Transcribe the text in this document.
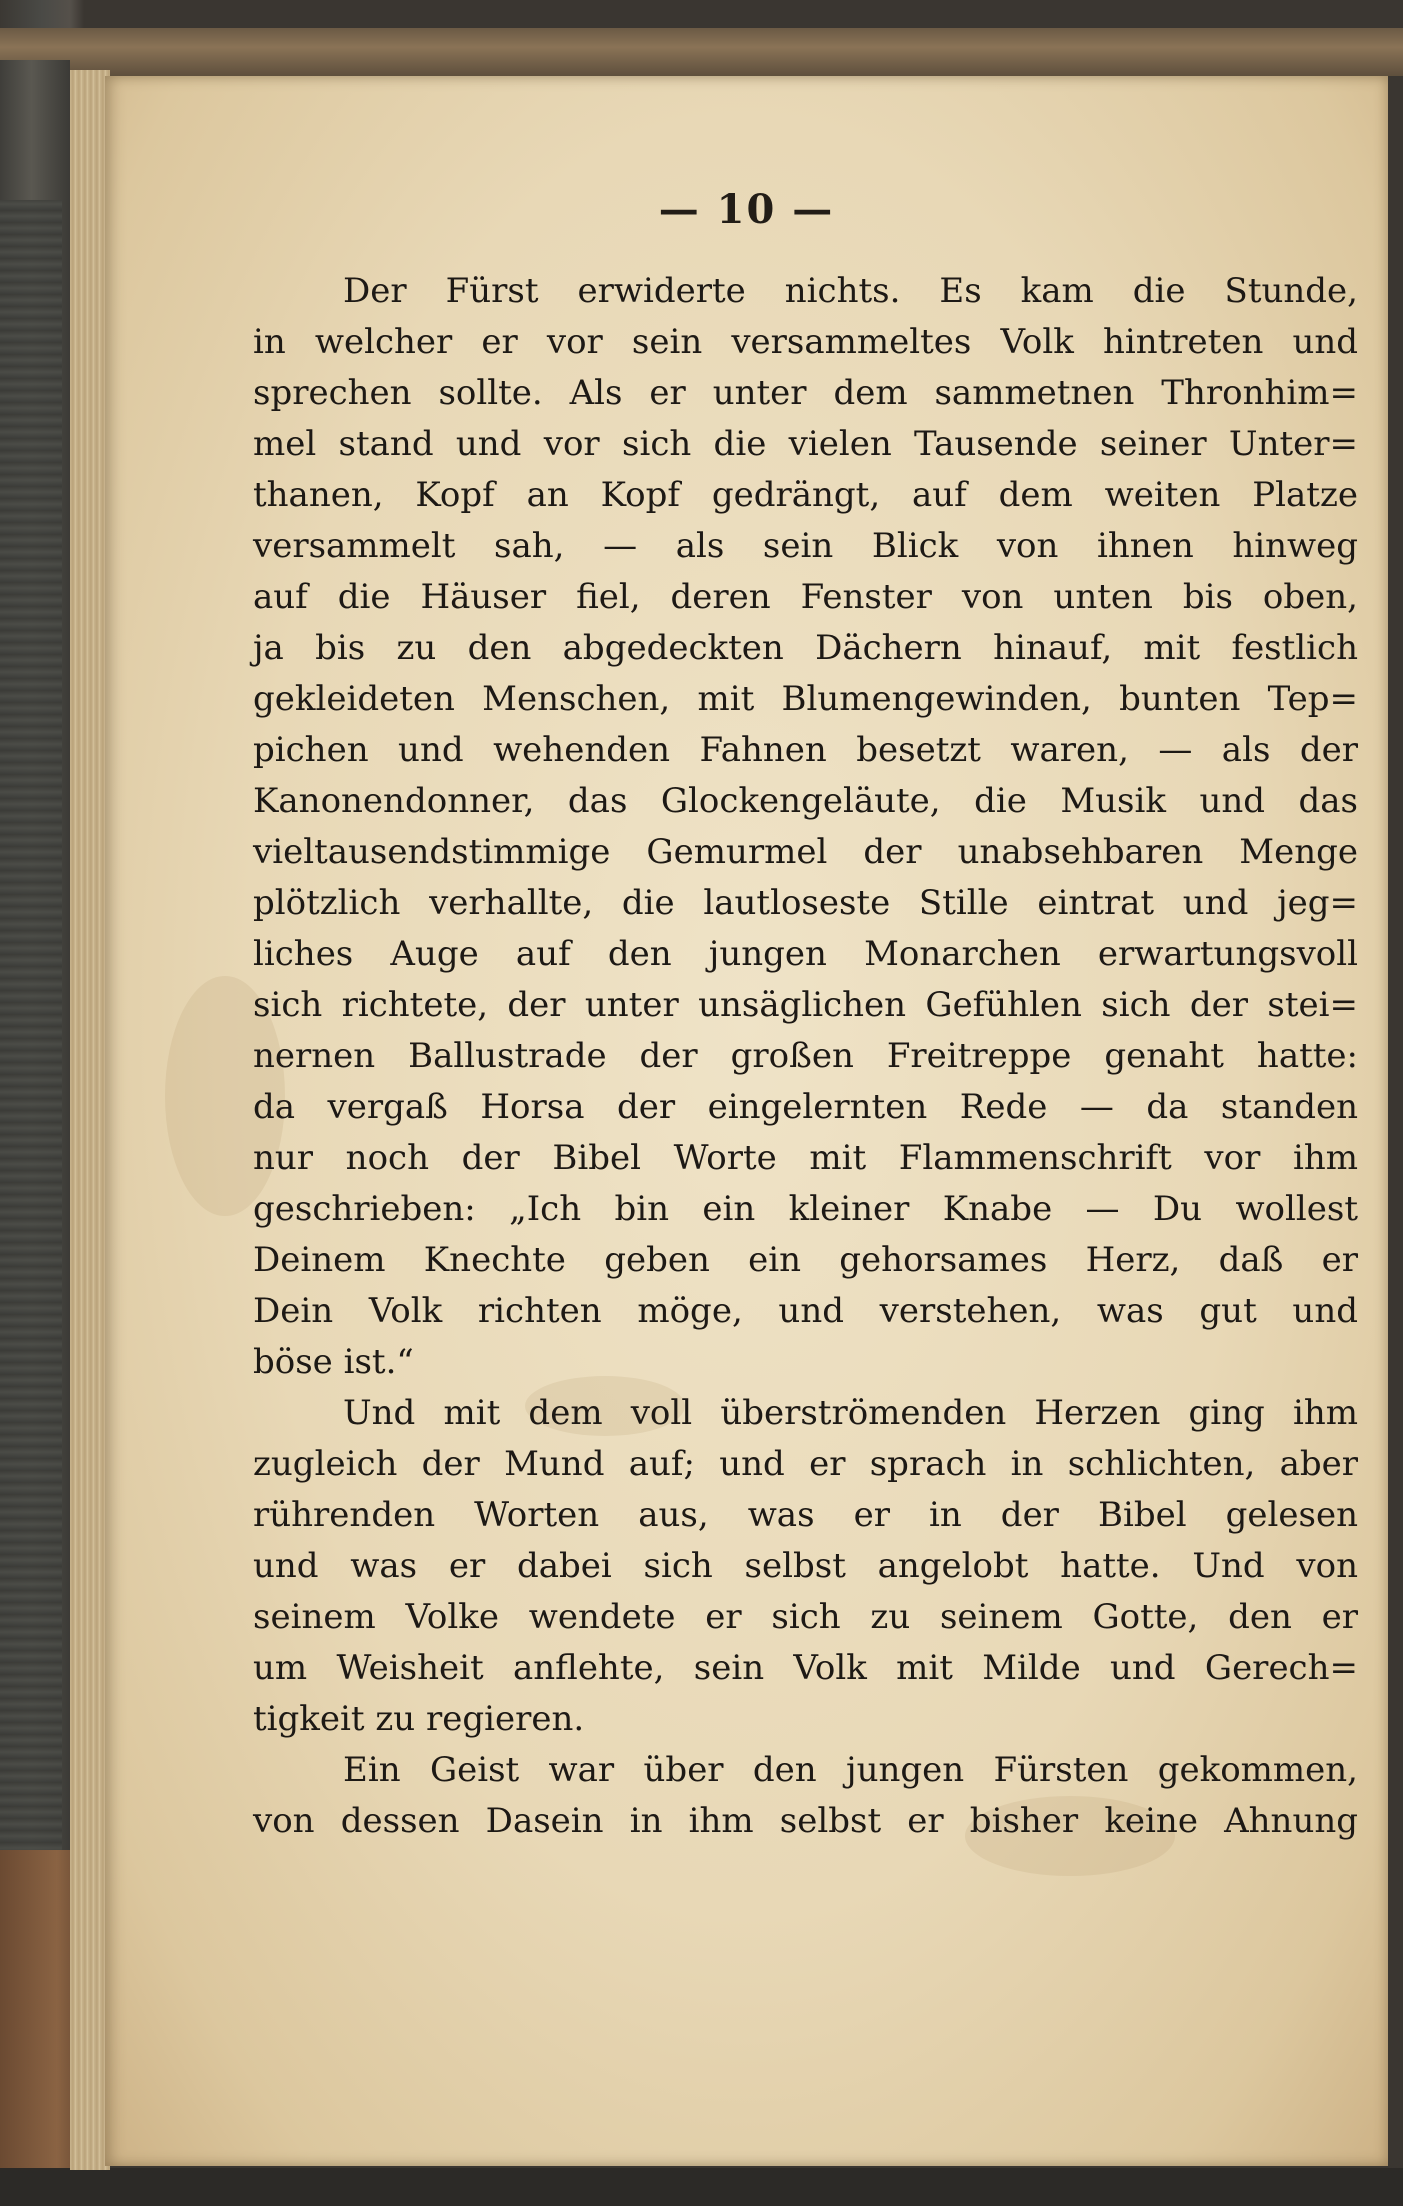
— 10 —
Der Fürst erwiderte nichts. Es kam die Stunde,
in welcher er vor sein versammeltes Volk hintreten und
sprechen sollte. Als er unter dem sammetnen Thronhim=
mel stand und vor sich die vielen Tausende seiner Unter=
thanen, Kopf an Kopf gedrängt, auf dem weiten Platze
versammelt sah, — als sein Blick von ihnen hinweg
auf die Häuser fiel, deren Fenster von unten bis oben,
ja bis zu den abgedeckten Dächern hinauf, mit festlich
gekleideten Menschen, mit Blumengewinden, bunten Tep=
pichen und wehenden Fahnen besetzt waren, — als der
Kanonendonner, das Glockengeläute, die Musik und das
vieltausendstimmige Gemurmel der unabsehbaren Menge
plötzlich verhallte, die lautloseste Stille eintrat und jeg=
liches Auge auf den jungen Monarchen erwartungsvoll
sich richtete, der unter unsäglichen Gefühlen sich der stei=
nernen Ballustrade der großen Freitreppe genaht hatte:
da vergaß Horsa der eingelernten Rede — da standen
nur noch der Bibel Worte mit Flammenschrift vor ihm
geschrieben: „Ich bin ein kleiner Knabe — Du wollest
Deinem Knechte geben ein gehorsames Herz, daß er
Dein Volk richten möge, und verstehen, was gut und
böse ist.“
Und mit dem voll überströmenden Herzen ging ihm
zugleich der Mund auf; und er sprach in schlichten, aber
rührenden Worten aus, was er in der Bibel gelesen
und was er dabei sich selbst angelobt hatte. Und von
seinem Volke wendete er sich zu seinem Gotte, den er
um Weisheit anflehte, sein Volk mit Milde und Gerech=
tigkeit zu regieren.
Ein Geist war über den jungen Fürsten gekommen,
von dessen Dasein in ihm selbst er bisher keine Ahnung
